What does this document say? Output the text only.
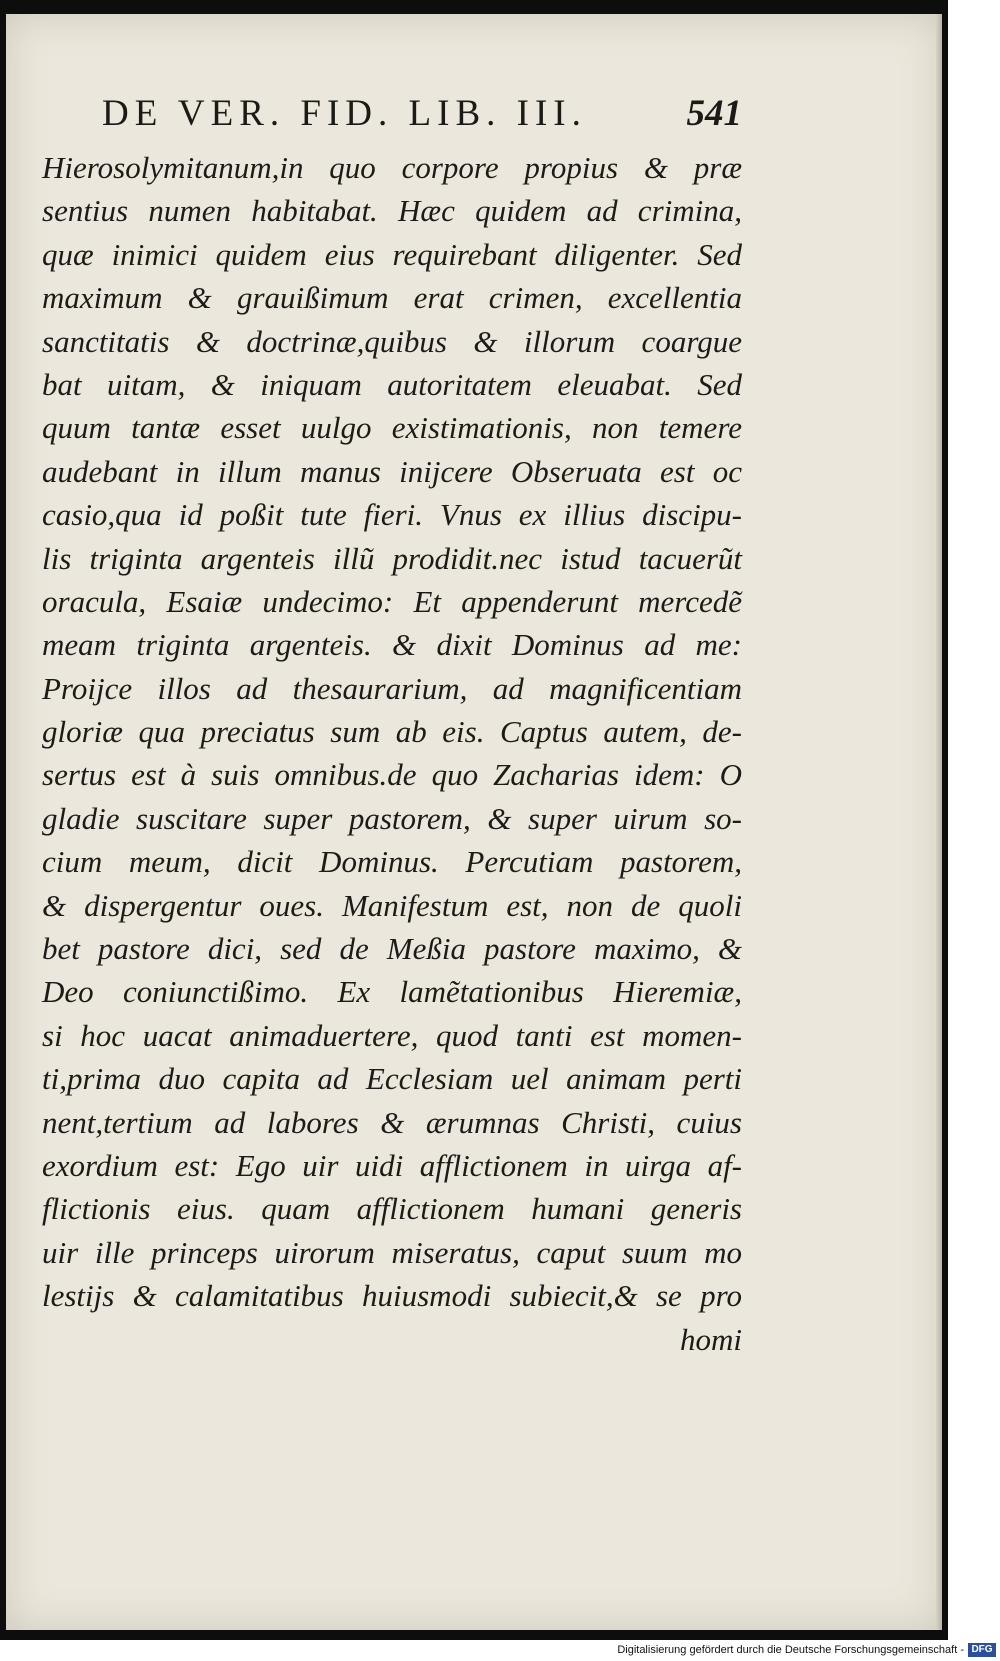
DE VER. FID. LIB. III.	541
Hierosolymitanum,in quo corpore propius & præ
sentius numen habitabat. Hæc quidem ad crimina,
quæ inimici quidem eius requirebant diligenter. Sed
maximum & grauißimum erat crimen, excellentia
sanctitatis & doctrinæ,quibus & illorum coargue
bat uitam, & iniquam autoritatem eleuabat. Sed
quum tantæ esset uulgo existimationis, non temere
audebant in illum manus inijcere Obseruata est oc
casio,qua id poßit tute fieri. Vnus ex illius discipu-
lis triginta argenteis illũ prodidit.nec istud tacuerũt
oracula, Esaiæ undecimo: Et appenderunt mercedẽ
meam triginta argenteis. & dixit Dominus ad me:
Proijce illos ad thesaurarium, ad magnificentiam
gloriæ qua preciatus sum ab eis. Captus autem, de-
sertus est à suis omnibus.de quo Zacharias idem: O
gladie suscitare super pastorem, & super uirum so-
cium meum, dicit Dominus. Percutiam pastorem,
& dispergentur oues. Manifestum est, non de quoli
bet pastore dici, sed de Meßia pastore maximo, &
Deo coniunctißimo. Ex lamẽtationibus Hieremiæ,
si hoc uacat animaduertere, quod tanti est momen-
ti,prima duo capita ad Ecclesiam uel animam perti
nent,tertium ad labores & ærumnas Christi, cuius
exordium est: Ego uir uidi afflictionem in uirga af-
flictionis eius. quam afflictionem humani generis
uir ille princeps uirorum miseratus, caput suum mo
lestijs & calamitatibus huiusmodi subiecit,& se pro
homi
Digitalisierung gefördert durch die Deutsche Forschungsgemeinschaft - DFG
